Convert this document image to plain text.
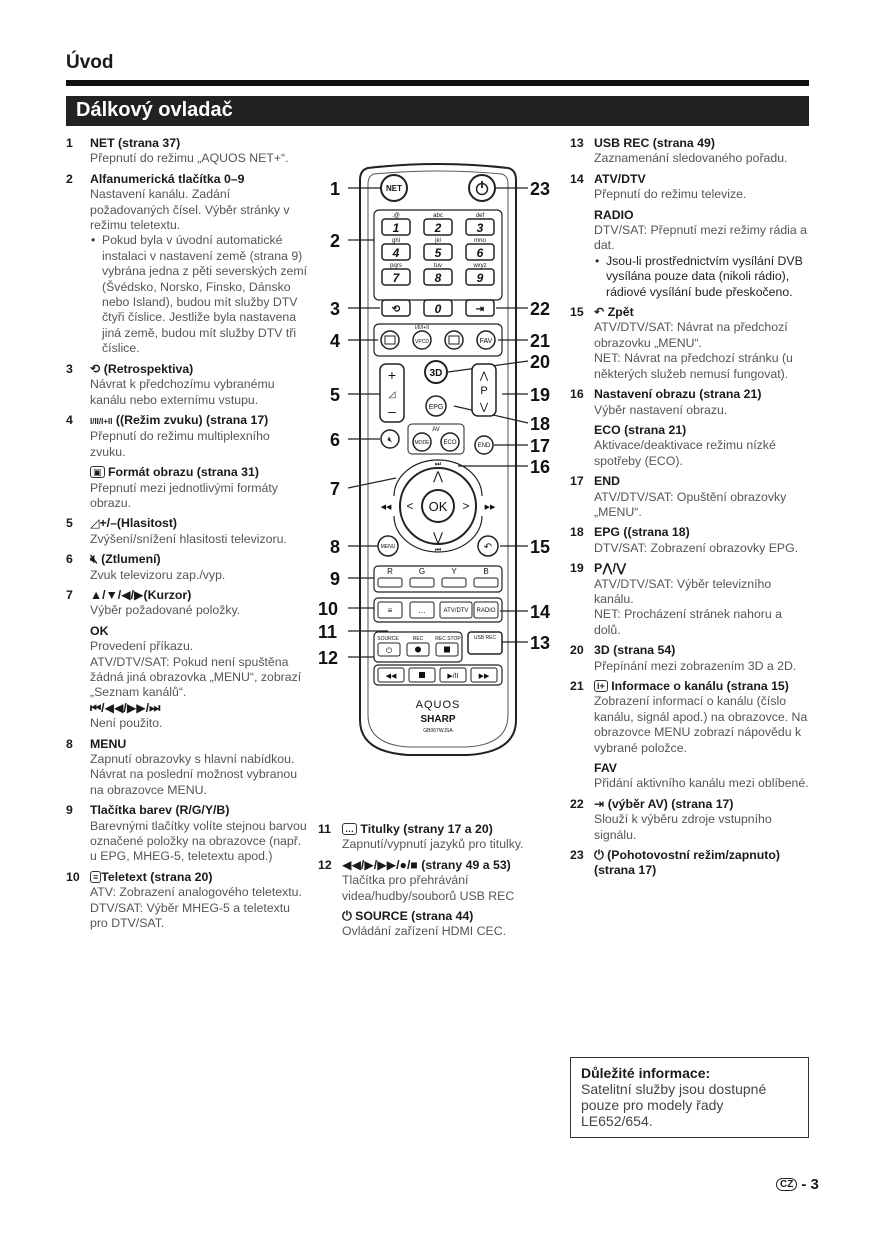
Úvod
Dálkový ovladač
1 NET (strana 37)
Přepnutí do režimu „AQUOS NET+“.
2 Alfanumerická tlačítka 0–9
Nastavení kanálu. Zadání požadovaných čísel. Výběr stránky v režimu teletextu.
• Pokud byla v úvodní automatické instalaci v nastavení země (strana 9) vybrána jedna z pěti severských zemí (Švédsko, Norsko, Finsko, Dánsko nebo Island), budou mít služby DTV čtyři číslice. Jestliže byla nastavena jiná země, budou mít služby DTV tři číslice.
3 ⟲ (Retrospektiva)
Návrat k předchozímu vybranému kanálu nebo externímu vstupu.
4 I/II/I+II ((Režim zvuku) (strana 17)
Přepnutí do režimu multiplexního zvuku.
▣ Formát obrazu (strana 31)
Přepnutí mezi jednotlivými formáty obrazu.
5 ◿+/–(Hlasitost)
Zvýšení/snížení hlasitosti televizoru.
6 🔇︎ (Ztlumení)
Zvuk televizoru zap./vyp.
7 ▲/▼/◀/▶(Kurzor)
Výběr požadované položky.
OK
Provedení příkazu.
ATV/DTV/SAT: Pokud není spuštěna žádná jiná obrazovka „MENU“, zobrazí „Seznam kanálů“.
⏮/◀◀/▶▶/⏭
Není použito.
8 MENU
Zapnutí obrazovky s hlavní nabídkou. Návrat na poslední možnost vybranou na obrazovce MENU.
9 Tlačítka barev (R/G/Y/B)
Barevnými tlačítky volíte stejnou barvou označené položky na obrazovce (např. u EPG, MHEG-5, teletextu apod.)
10	≡ Teletext (strana 20)
ATV: Zobrazení analogového teletextu.
DTV/SAT: Výběr MHEG-5 a teletextu pro DTV/SAT.
11	… Titulky (strany 17 a 20)
Zapnutí/vypnutí jazyků pro titulky.
12 ◀◀/▶/▶▶/●/■ (strany 49 a 53)
Tlačítka pro přehrávání videa/hudby/souborů USB REC
⏻ SOURCE (strana 44)
Ovládání zařízení HDMI CEC.
13 USB REC (strana 49)
Zaznamenání sledovaného pořadu.
14 ATV/DTV
Přepnutí do režimu televize.
RADIO
DTV/SAT: Přepnutí mezi režimy rádia a dat.
• Jsou-li prostřednictvím vysílání DVB vysílána pouze data (nikoli rádio), rádiové vysílání bude přeskočeno.
15 ↶ Zpět
ATV/DTV/SAT: Návrat na předchozí obrazovku „MENU“.
NET: Návrat na předchozí stránku (u některých služeb nemusí fungovat).
16 Nastavení obrazu (strana 21)
Výběr nastavení obrazu.
ECO (strana 21)
Aktivace/deaktivace režimu nízké spotřeby (ECO).
17 END
ATV/DTV/SAT: Opuštění obrazovky „MENU“.
18 EPG ((strana 18)
DTV/SAT: Zobrazení obrazovky EPG.
19 P⋀/⋁
ATV/DTV/SAT: Výběr televizního kanálu.
NET: Procházení stránek nahoru a dolů.
20 3D (strana 54)
Přepínání mezi zobrazením 3D a 2D.
21	i+ Informace o kanálu (strana 15)
Zobrazení informací o kanálu (číslo kanálu, signál apod.) na obrazovce. Na obrazovce MENU zobrazí nápovědu k vybrané položce.
FAV
Přidání aktivního kanálu mezi oblíbené.
22 ⇥ (výběr AV) (strana 17)
Slouží k výběru zdroje vstupního signálu.
23 ⏻ (Pohotovostní režim/zapnuto) (strana 17)
1
2
3
4
5
6
7
8
9
10
11
12
13
14
15
16
17
18
19
20
21
22
23
NET
.@	abc	def
ghi	jkl	mno
pqrs	tuv	wxyz
1	2	3
4	5	6
7	8	9
⟲	0	⇥
VPCD
I/II/I+II
FAV
+
◿
–
3D	⋀
P
⋁
EPG
🔇︎
AV
MODE ECO	END
OK
⋀
⋁
<	>
⏭
⏮
◀◀	▶▶
MENU	↶
R	G	Y	B
≡	…	ATV/DTV RADIO
SOURCE	REC REC STOP
⏻
USB REC
◀◀	▶/II	▶▶
AQUOS
SHARP
GB067WJSA
Důležité informace:
Satelitní služby jsou dostupné pouze pro modely řady LE652/654.
CZ - 3
